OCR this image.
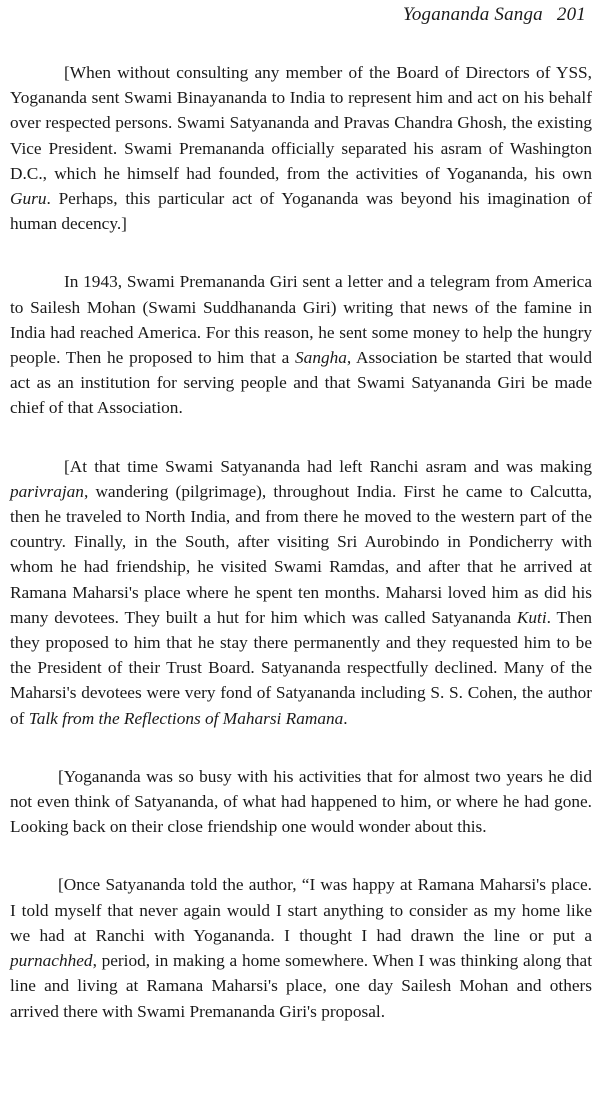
Yogananda Sanga 201

[When without consulting any member of the Board of Directors of YSS, Yogananda sent Swami Binayananda to India to represent him and act on his behalf over respected persons. Swami Satyananda and Pravas Chandra Ghosh, the existing Vice President. Swami Premananda officially separated his asram of Washington D.C., which he himself had founded, from the activities of Yogananda, his own Guru. Perhaps, this particular act of Yogananda was beyond his imagination of human decency.]

In 1943, Swami Premananda Giri sent a letter and a telegram from America to Sailesh Mohan (Swami Suddhananda Giri) writing that news of the famine in India had reached America. For this reason, he sent some money to help the hungry people. Then he proposed to him that a Sangha, Association be started that would act as an institution for serving people and that Swami Satyananda Giri be made chief of that Association.

[At that time Swami Satyananda had left Ranchi asram and was making parivrajan, wandering (pilgrimage), throughout India. First he came to Calcutta, then he traveled to North India, and from there he moved to the western part of the country. Finally, in the South, after visiting Sri Aurobindo in Pondicherry with whom he had friendship, he visited Swami Ramdas, and after that he arrived at Ramana Maharsi's place where he spent ten months. Maharsi loved him as did his many devotees. They built a hut for him which was called Satyananda Kuti. Then they proposed to him that he stay there permanently and they requested him to be the President of their Trust Board. Satyananda respectfully declined. Many of the Maharsi's devotees were very fond of Satyananda including S. S. Cohen, the author of Talk from the Reflections of Maharsi Ramana.

[Yogananda was so busy with his activities that for almost two years he did not even think of Satyananda, of what had happened to him, or where he had gone. Looking back on their close friendship one would wonder about this.

[Once Satyananda told the author, “I was happy at Ramana Maharsi's place. I told myself that never again would I start anything to consider as my home like we had at Ranchi with Yogananda. I thought I had drawn the line or put a purnachhed, period, in making a home somewhere. When I was thinking along that line and living at Ramana Maharsi's place, one day Sailesh Mohan and others arrived there with Swami Premananda Giri's proposal.
